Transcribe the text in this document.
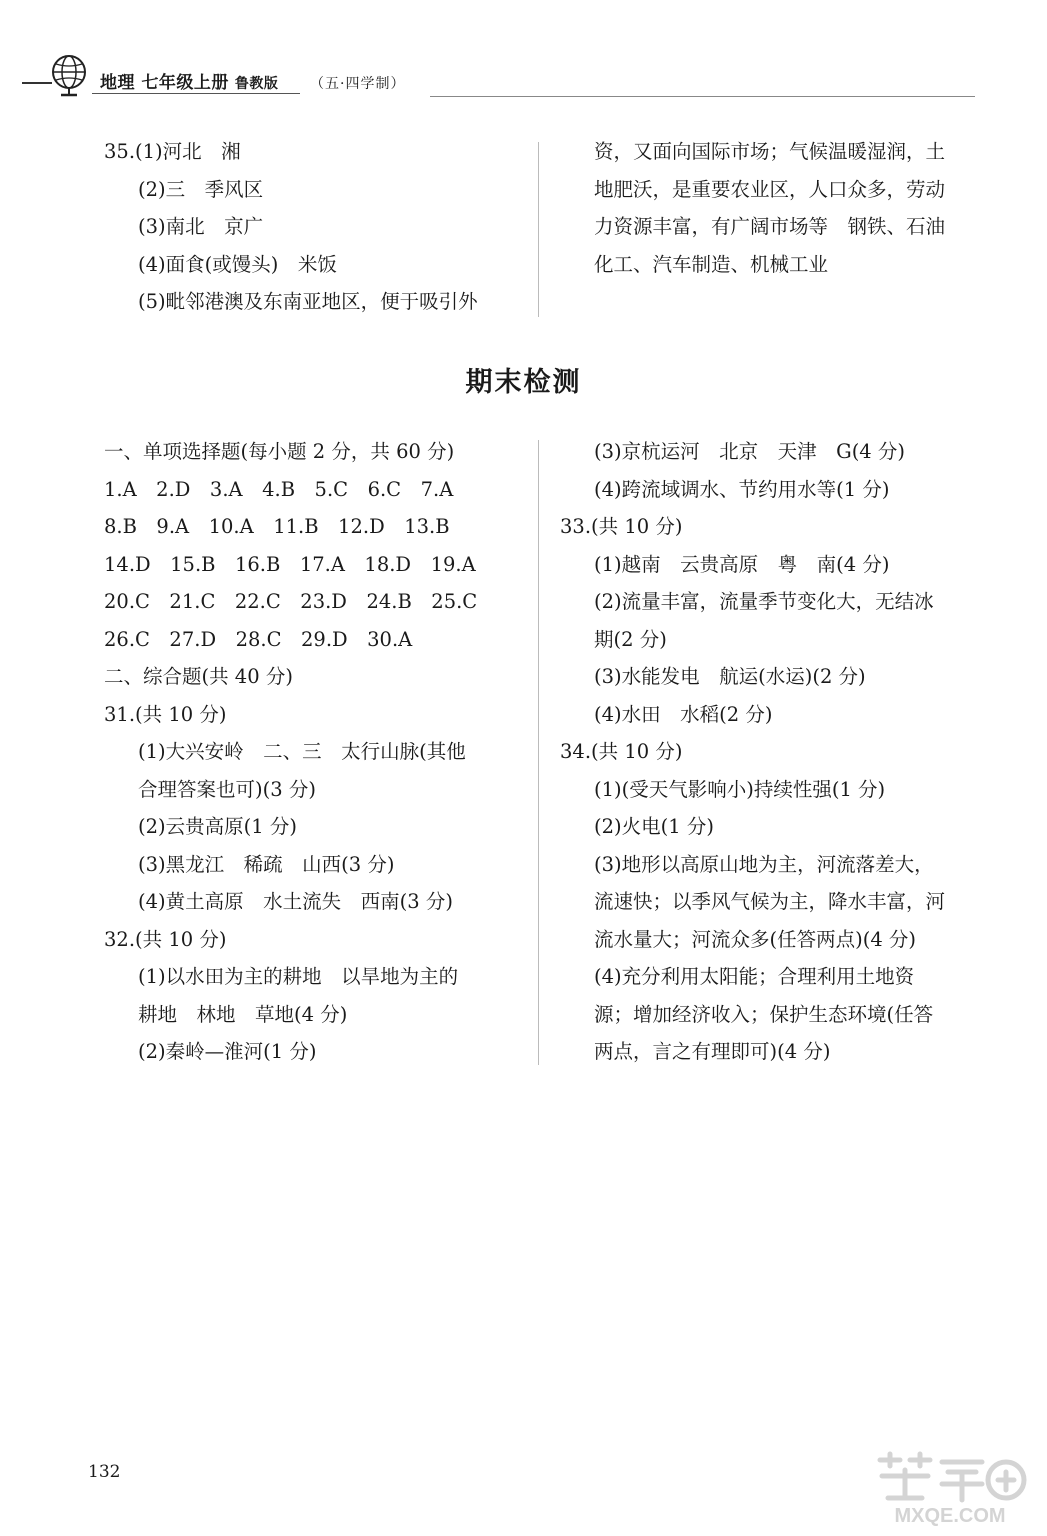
地理 七年级上册 鲁教版 （五·四学制）
35.(1)河北　湘
(2)三　季风区
(3)南北　京广
(4)面食(或馒头)　米饭
(5)毗邻港澳及东南亚地区，便于吸引外
资，又面向国际市场；气候温暖湿润，土
地肥沃，是重要农业区，人口众多，劳动
力资源丰富，有广阔市场等　钢铁、石油
化工、汽车制造、机械工业
期末检测
一、单项选择题(每小题 2 分，共 60 分)
1.A　2.D　3.A　4.B　5.C　6.C　7.A
8.B　9.A　10.A　11.B　12.D　13.B
14.D　15.B　16.B　17.A　18.D　19.A
20.C　21.C　22.C　23.D　24.B　25.C
26.C　27.D　28.C　29.D　30.A
二、综合题(共 40 分)
31.(共 10 分)
(1)大兴安岭　二、三　太行山脉(其他
合理答案也可)(3 分)
(2)云贵高原(1 分)
(3)黑龙江　稀疏　山西(3 分)
(4)黄土高原　水土流失　西南(3 分)
32.(共 10 分)
(1)以水田为主的耕地　以旱地为主的
耕地　林地　草地(4 分)
(2)秦岭—淮河(1 分)
(3)京杭运河　北京　天津　G(4 分)
(4)跨流域调水、节约用水等(1 分)
33.(共 10 分)
(1)越南　云贵高原　粤　南(4 分)
(2)流量丰富，流量季节变化大，无结冰
期(2 分)
(3)水能发电　航运(水运)(2 分)
(4)水田　水稻(2 分)
34.(共 10 分)
(1)(受天气影响小)持续性强(1 分)
(2)火电(1 分)
(3)地形以高原山地为主，河流落差大，
流速快；以季风气候为主，降水丰富，河
流水量大；河流众多(任答两点)(4 分)
(4)充分利用太阳能；合理利用土地资
源；增加经济收入；保护生态环境(任答
两点，言之有理即可)(4 分)
132
MXQE.COM
